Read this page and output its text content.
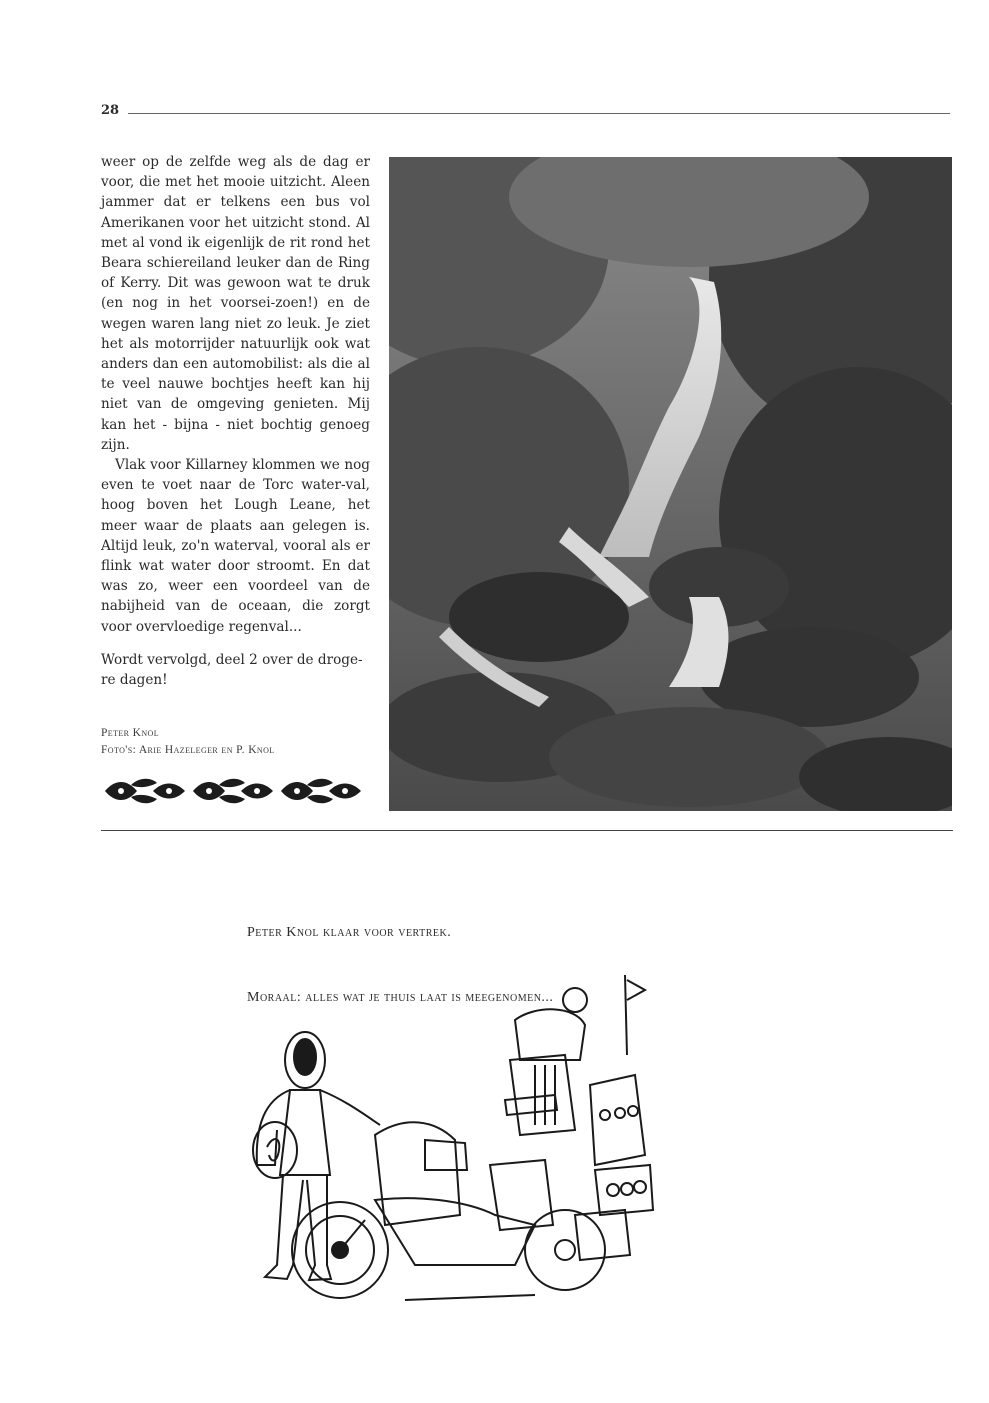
28

weer op de zelfde weg als de dag er voor, die met het mooie uitzicht. Aleen jammer dat er telkens een bus vol Amerikanen voor het uitzicht stond. Al met al vond ik eigenlijk de rit rond het Beara schiereiland leuker dan de Ring of Kerry. Dit was gewoon wat te druk (en nog in het voorsei-zoen!) en de wegen waren lang niet zo leuk. Je ziet het als motorrijder natuurlijk ook wat anders dan een automobilist: als die al te veel nauwe bochtjes heeft kan hij niet van de omgeving genieten. Mij kan het - bijna - niet bochtig genoeg zijn.

Vlak voor Killarney klommen we nog even te voet naar de Torc water-val, hoog boven het Lough Leane, het meer waar de plaats aan gelegen is. Altijd leuk, zo'n waterval, vooral als er flink wat water door stroomt. En dat was zo, weer een voordeel van de nabijheid van de oceaan, die zorgt voor overvloedige regenval...

Wordt vervolgd, deel 2 over de droge-re dagen!

Peter Knol
Foto's: Arie Hazeleger en P. Knol
Peter Knol klaar voor vertrek.
Moraal: alles wat je thuis laat is meegenomen...
